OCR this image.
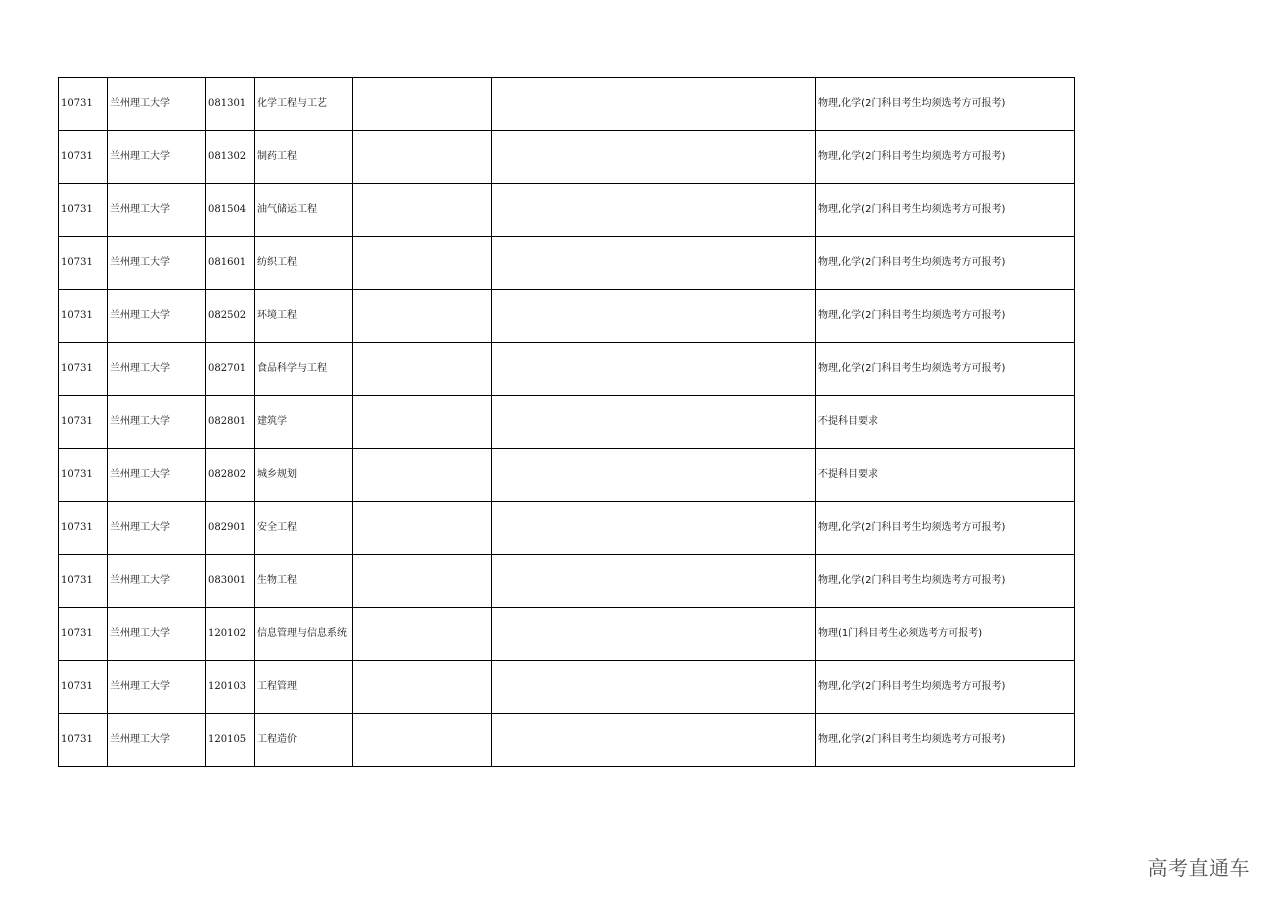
10731	兰州理工大学	081301	化学工程与工艺			物理,化学(2门科目考生均须选考方可报考)
10731	兰州理工大学	081302	制药工程			物理,化学(2门科目考生均须选考方可报考)
10731	兰州理工大学	081504	油气储运工程			物理,化学(2门科目考生均须选考方可报考)
10731	兰州理工大学	081601	纺织工程			物理,化学(2门科目考生均须选考方可报考)
10731	兰州理工大学	082502	环境工程			物理,化学(2门科目考生均须选考方可报考)
10731	兰州理工大学	082701	食品科学与工程			物理,化学(2门科目考生均须选考方可报考)
10731	兰州理工大学	082801	建筑学			不提科目要求
10731	兰州理工大学	082802	城乡规划			不提科目要求
10731	兰州理工大学	082901	安全工程			物理,化学(2门科目考生均须选考方可报考)
10731	兰州理工大学	083001	生物工程			物理,化学(2门科目考生均须选考方可报考)
10731	兰州理工大学	120102	信息管理与信息系统			物理(1门科目考生必须选考方可报考)
10731	兰州理工大学	120103	工程管理			物理,化学(2门科目考生均须选考方可报考)
10731	兰州理工大学	120105	工程造价			物理,化学(2门科目考生均须选考方可报考)
高考直通车
